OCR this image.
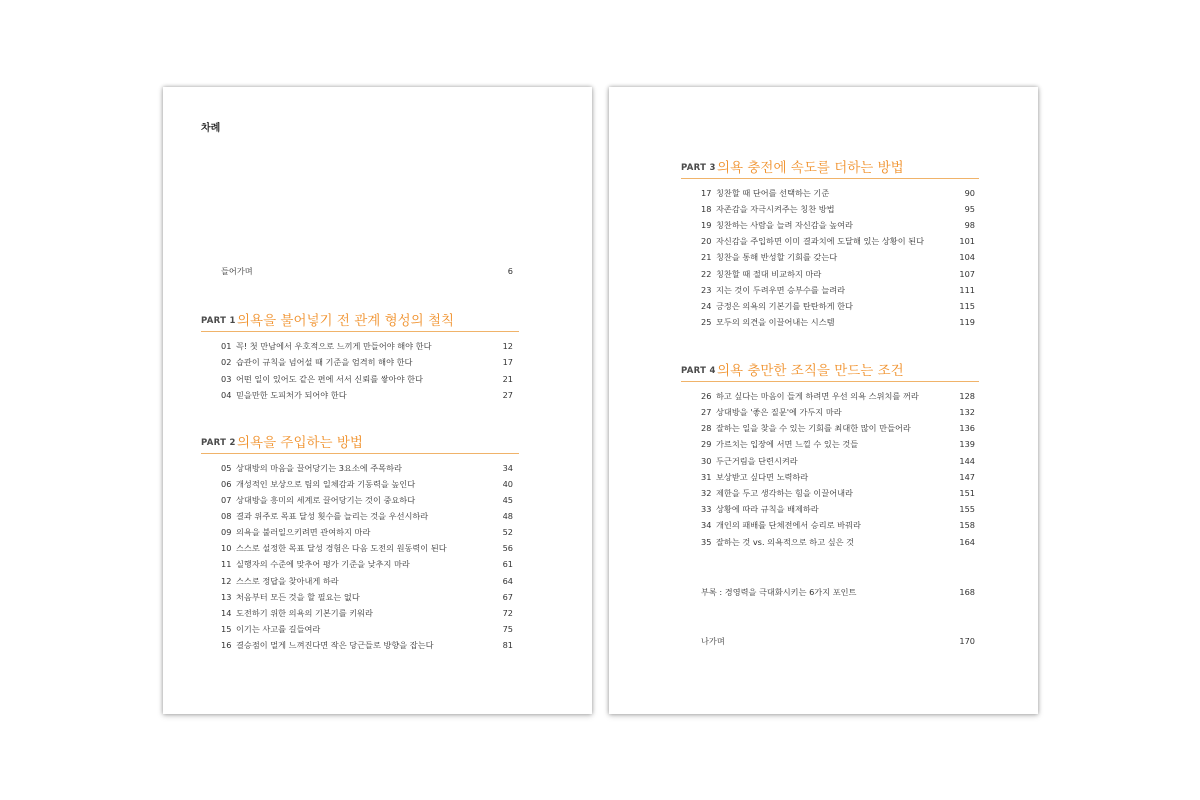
차례
들어가며	6
PART 1 의욕을 불어넣기 전 관계 형성의 철칙
01 꼭! 첫 만남에서 우호적으로 느끼게 만들어야 해야 한다	12
02 습관이 규칙을 넘어설 때 기준을 엄격히 해야 한다	17
03 어떤 일이 있어도 같은 편에 서서 신뢰를 쌓아야 한다	21
04 믿을만한 도피처가 되어야 한다	27
PART 2 의욕을 주입하는 방법
05 상대방의 마음을 끌어당기는 3요소에 주목하라	34
06 개성적인 보상으로 팀의 일체감과 기동력을 높인다	40
07 상대방을 흥미의 세계로 끌어당기는 것이 중요하다	45
08 결과 위주로 목표 달성 횟수를 늘리는 것을 우선시하라	48
09 의욕을 불러일으키려면 관여하지 마라	52
10 스스로 설정한 목표 달성 경험은 다음 도전의 원동력이 된다	56
11 실행자의 수준에 맞추어 평가 기준을 낮추지 마라	61
12 스스로 정답을 찾아내게 하라	64
13 처음부터 모든 것을 할 필요는 없다	67
14 도전하기 위한 의욕의 기본기를 키워라	72
15 이기는 사고를 길들여라	75
16 결승점이 멀게 느껴진다면 작은 당근들로 방향을 잡는다	81
PART 3 의욕 충전에 속도를 더하는 방법
17 칭찬할 때 단어를 선택하는 기준	90
18 자존감을 자극시켜주는 칭찬 방법	95
19 칭찬하는 사람을 늘려 자신감을 높여라	98
20 자신감을 주입하면 이미 결과치에 도달해 있는 상황이 된다	101
21 칭찬을 통해 반성할 기회를 갖는다	104
22 칭찬할 때 절대 비교하지 마라	107
23 지는 것이 두려우면 승부수를 늘려라	111
24 긍정은 의욕의 기본기를 탄탄하게 한다	115
25 모두의 의견을 이끌어내는 시스템	119
PART 4 의욕 충만한 조직을 만드는 조건
26 하고 싶다는 마음이 들게 하려면 우선 의욕 스위치를 꺼라	128
27 상대방을 '좋은 질문'에 가두지 마라	132
28 잘하는 일을 찾을 수 있는 기회를 최대한 많이 만들어라	136
29 가르치는 입장에 서면 느낄 수 있는 것들	139
30 두근거림을 단련시켜라	144
31 보상받고 싶다면 노력하라	147
32 제한을 두고 생각하는 힘을 이끌어내라	151
33 상황에 따라 규칙을 배제하라	155
34 개인의 패배를 단체전에서 승리로 바꿔라	158
35 잘하는 것 vs. 의욕적으로 하고 싶은 것	164
부록 : 경영력을 극대화시키는 6가지 포인트	168
나가며	170
